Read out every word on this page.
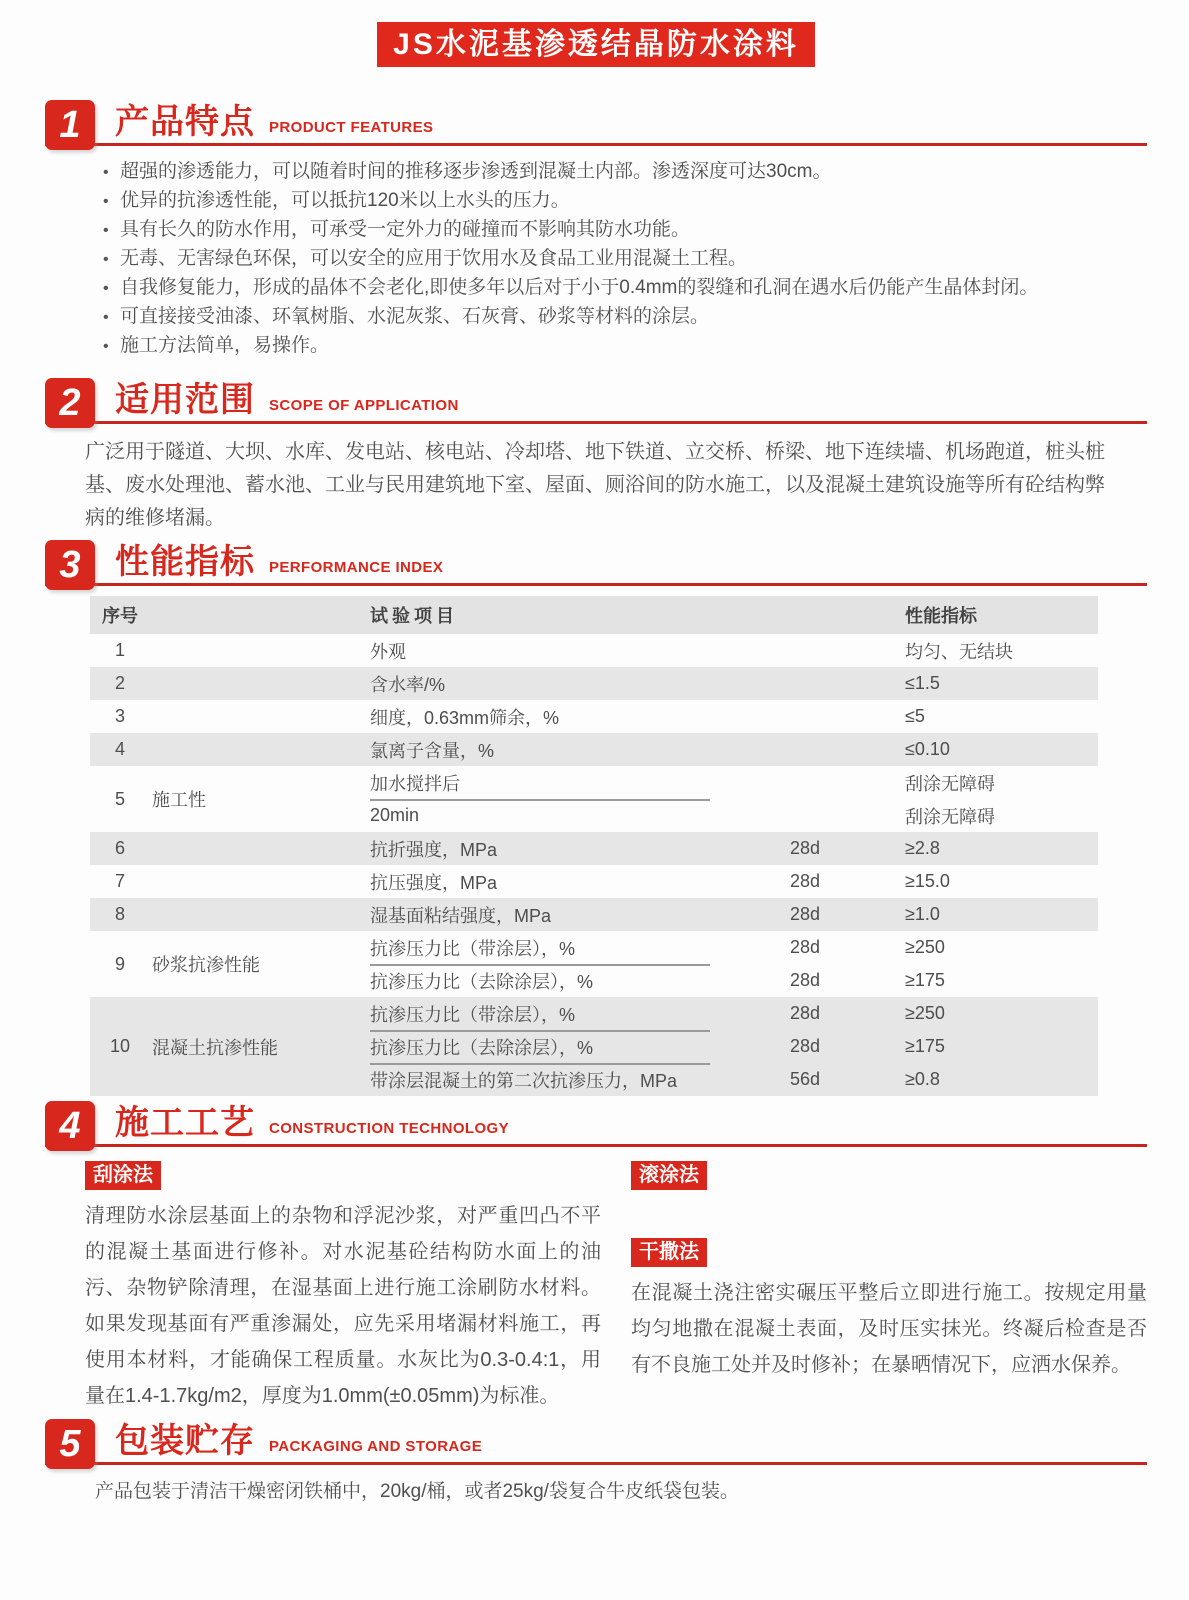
JS水泥基渗透结晶防水涂料
1	产品特点 PRODUCT FEATURES
• 超强的渗透能力，可以随着时间的推移逐步渗透到混凝土内部。渗透深度可达30cm。
• 优异的抗渗透性能，可以抵抗120米以上水头的压力。
• 具有长久的防水作用，可承受一定外力的碰撞而不影响其防水功能。
• 无毒、无害绿色环保，可以安全的应用于饮用水及食品工业用混凝土工程。
• 自我修复能力，形成的晶体不会老化,即使多年以后对于小于0.4mm的裂缝和孔洞在遇水后仍能产生晶体封闭。
• 可直接接受油漆、环氧树脂、水泥灰浆、石灰膏、砂浆等材料的涂层。
• 施工方法简单，易操作。
2	适用范围 SCOPE OF APPLICATION

广泛用于隧道、大坝、水库、发电站、核电站、冷却塔、地下铁道、立交桥、桥梁、地下连续墙、机场跑道，桩头桩基、废水处理池、蓄水池、工业与民用建筑地下室、屋面、厕浴间的防水施工，以及混凝土建筑设施等所有砼结构弊病的维修堵漏。

3	性能指标 PERFORMANCE INDEX
序号	试验项目	性能指标
1	外观	均匀、无结块
2	含水率/%	≤1.5
3	细度，0.63mm筛余，%	≤5
4	氯离子含量，%	≤0.10
5	施工性
加水搅拌后	刮涂无障碍
20min	刮涂无障碍
6	抗折强度，MPa	28d	≥2.8
7	抗压强度，MPa	28d	≥15.0
8	湿基面粘结强度，MPa	28d	≥1.0
9	砂浆抗渗性能
抗渗压力比（带涂层），%	28d	≥250
抗渗压力比（去除涂层），%	28d	≥175
10	混凝土抗渗性能
抗渗压力比（带涂层），%	28d	≥250
抗渗压力比（去除涂层），%	28d	≥175
带涂层混凝土的第二次抗渗压力，MPa	56d	≥0.8
4	施工工艺 CONSTRUCTION TECHNOLOGY
刮涂法

清理防水涂层基面上的杂物和浮泥沙浆，对严重凹凸不平的混凝土基面进行修补。对水泥基砼结构防水面上的油污、杂物铲除清理，在湿基面上进行施工涂刷防水材料。如果发现基面有严重渗漏处，应先采用堵漏材料施工，再使用本材料，才能确保工程质量。水灰比为0.3-0.4:1，用量在1.4-1.7kg/m2，厚度为1.0mm(±0.05mm)为标准。

滚涂法
干撒法

在混凝土浇注密实碾压平整后立即进行施工。按规定用量均匀地撒在混凝土表面，及时压实抹光。终凝后检查是否有不良施工处并及时修补；在暴晒情况下，应洒水保养。

5	包装贮存 PACKAGING AND STORAGE

产品包装于清洁干燥密闭铁桶中，20kg/桶，或者25kg/袋复合牛皮纸袋包装。
